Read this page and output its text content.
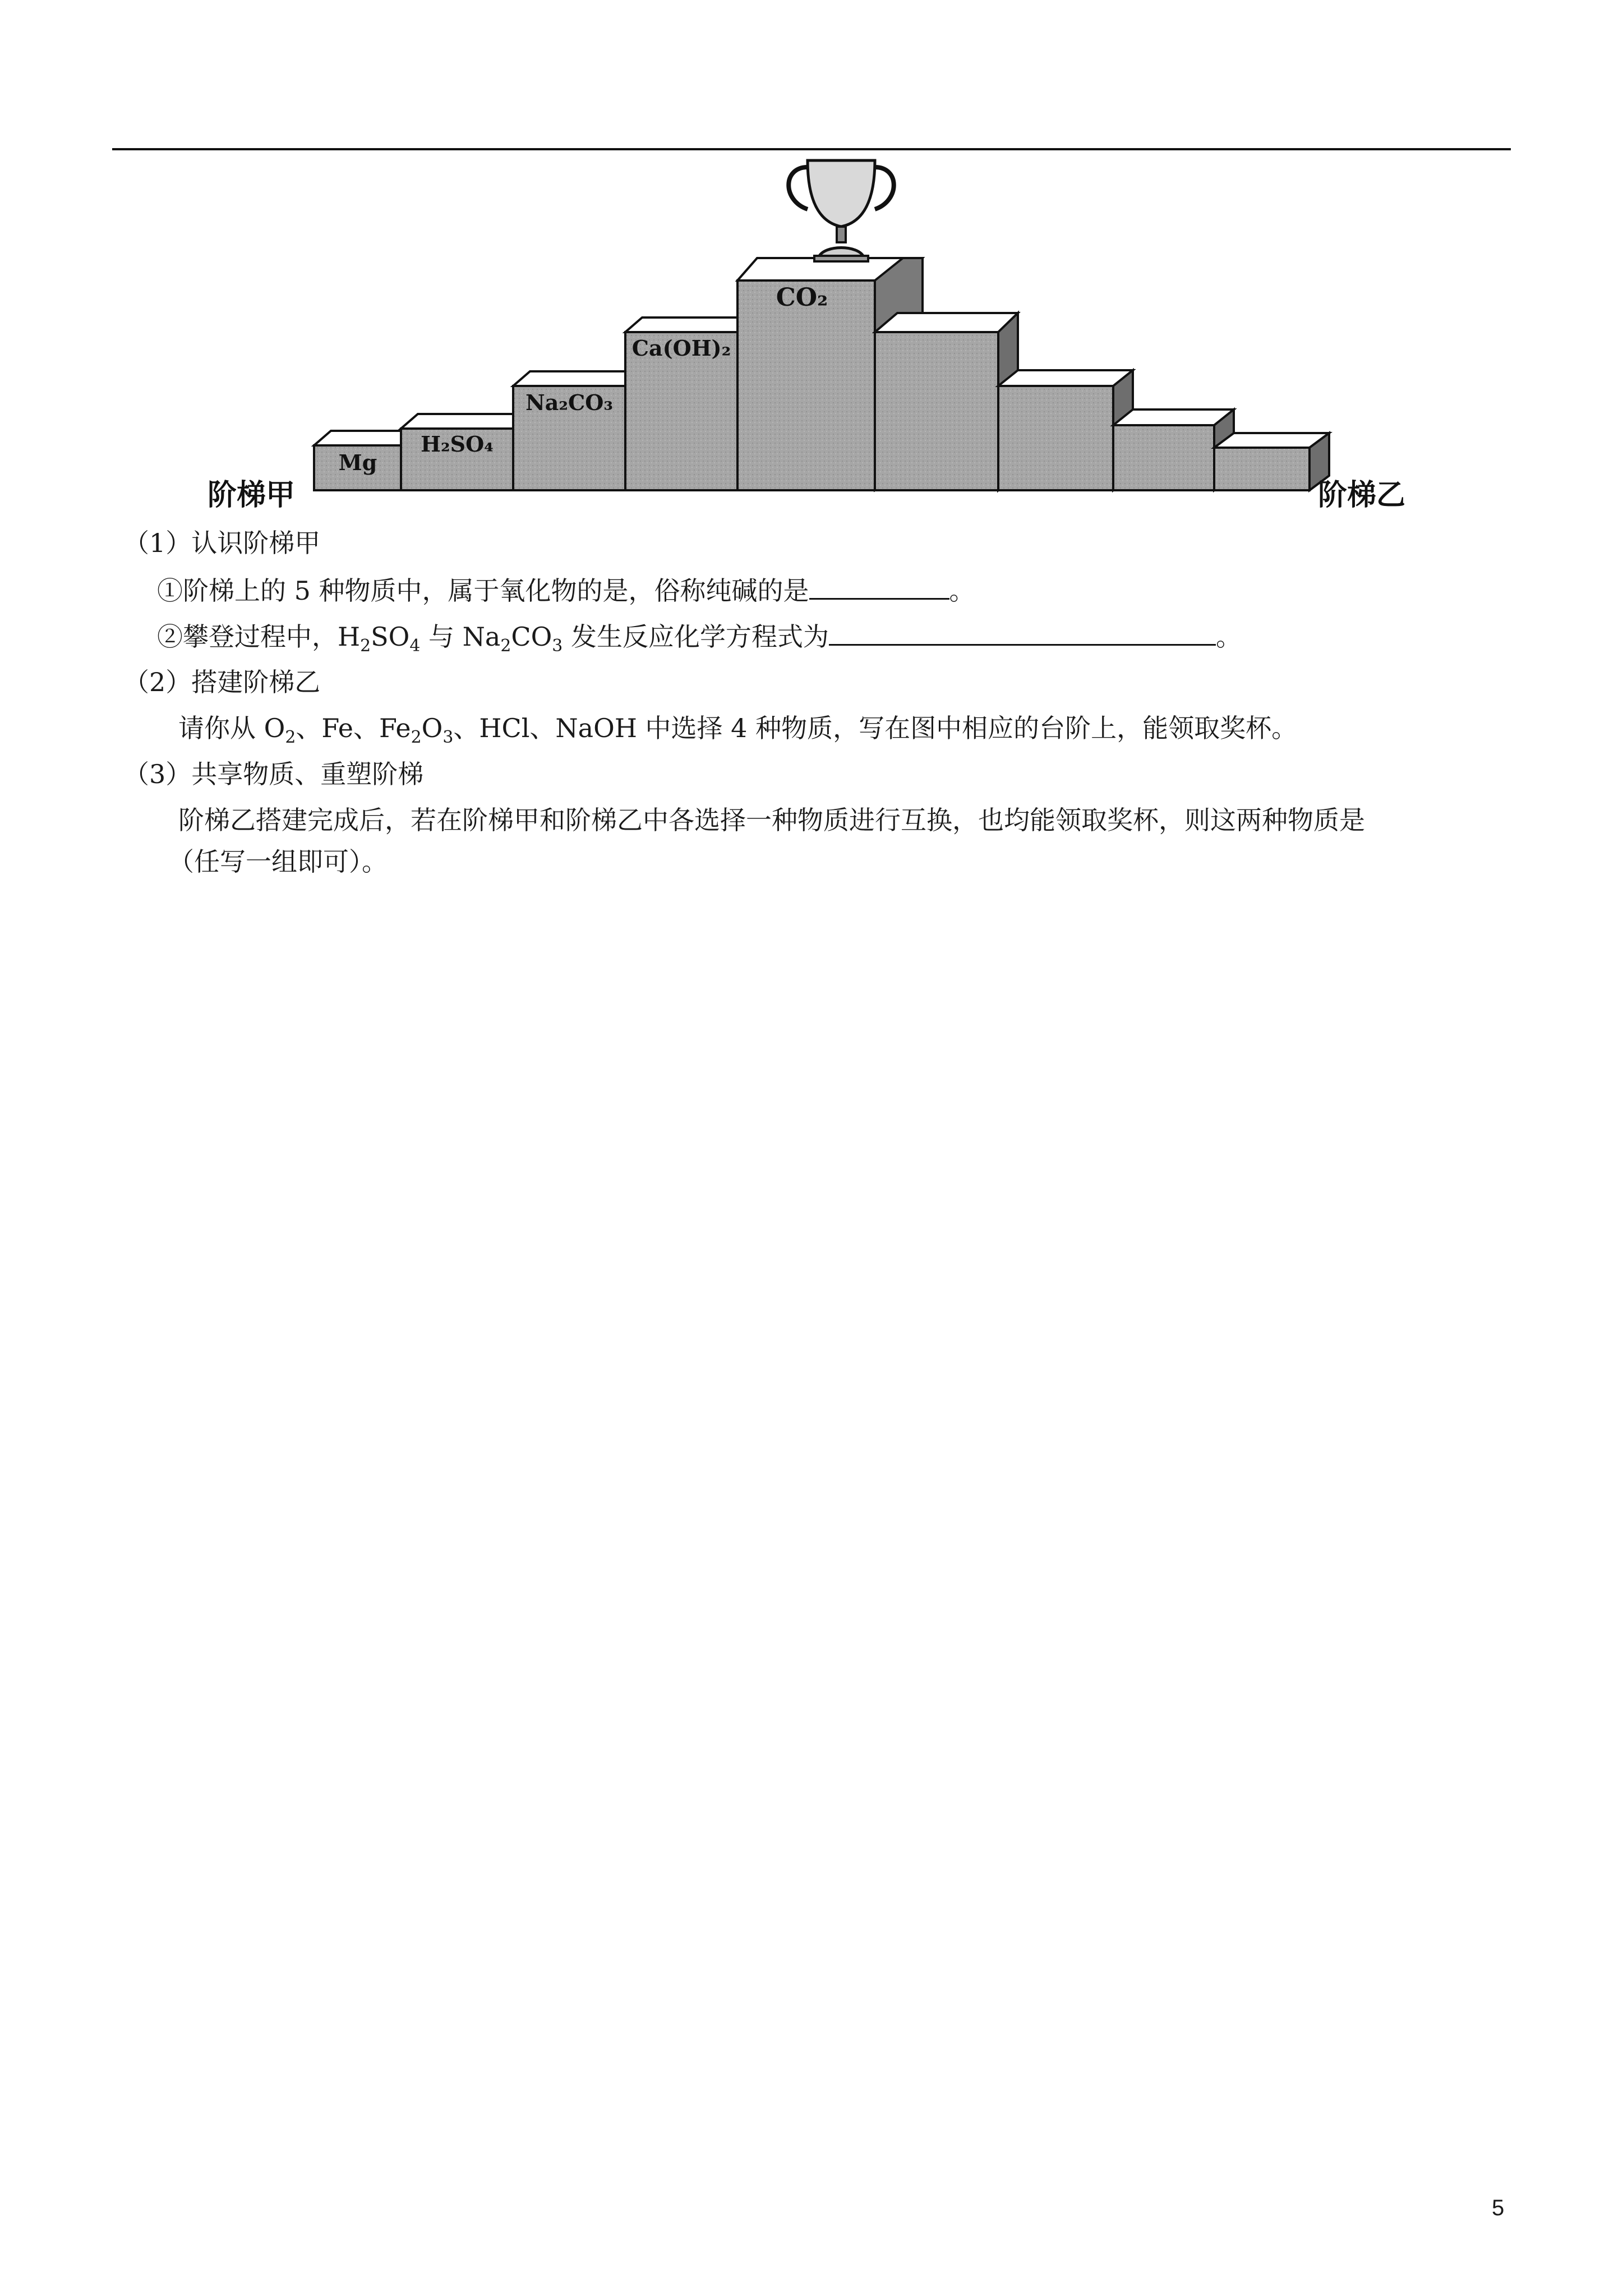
阶梯甲
Mg
H₂SO₄
Na₂CO₃
Ca(OH)₂
CO₂
阶梯乙
（1）认识阶梯甲
①阶梯上的 5 种物质中，属于氧化物的是，俗称纯碱的是	。
②攀登过程中，$H_2SO_4$ 与 $Na_2CO_3$ 发生反应化学方程式为	。
（2）搭建阶梯乙
请你从 $O_2$、Fe、$Fe_2O_3$、HCl、NaOH 中选择 4 种物质，写在图中相应的台阶上，能领取奖杯。
（3）共享物质、重塑阶梯
阶梯乙搭建完成后，若在阶梯甲和阶梯乙中各选择一种物质进行互换，也均能领取奖杯，则这两种物质是
（任写一组即可）。
5
